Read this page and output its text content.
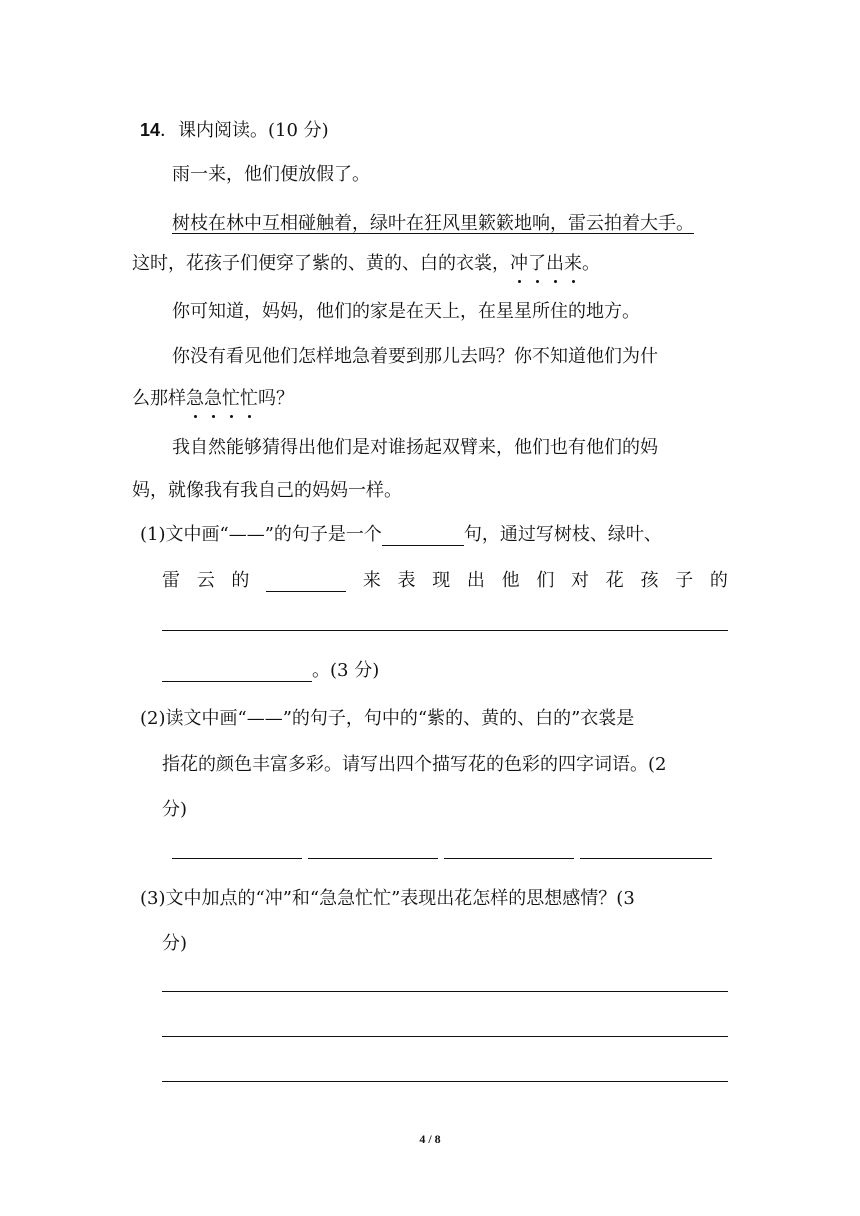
14．课内阅读。(10 分)
雨一来，他们便放假了。
树枝在林中互相碰触着，绿叶在狂风里簌簌地响，雷云拍着大手。
这时，花孩子们便穿了紫的、黄的、白的衣裳，冲了出来。
你可知道，妈妈，他们的家是在天上，在星星所住的地方。
你没有看见他们怎样地急着要到那儿去吗？你不知道他们为什
么那样急急忙忙吗？
我自然能够猜得出他们是对谁扬起双臂来，他们也有他们的妈
妈，就像我有我自己的妈妈一样。
(1)文中画“——”的句子是一个	句，通过写树枝、绿叶、
雷 云 的	来 表 现 出 他 们 对 花 孩 子 的
。(3 分)
(2)读文中画“——”的句子，句中的“紫的、黄的、白的”衣裳是
指花的颜色丰富多彩。请写出四个描写花的色彩的四字词语。(2
分)
(3)文中加点的“冲”和“急急忙忙”表现出花怎样的思想感情？(3
分)
4 / 8
